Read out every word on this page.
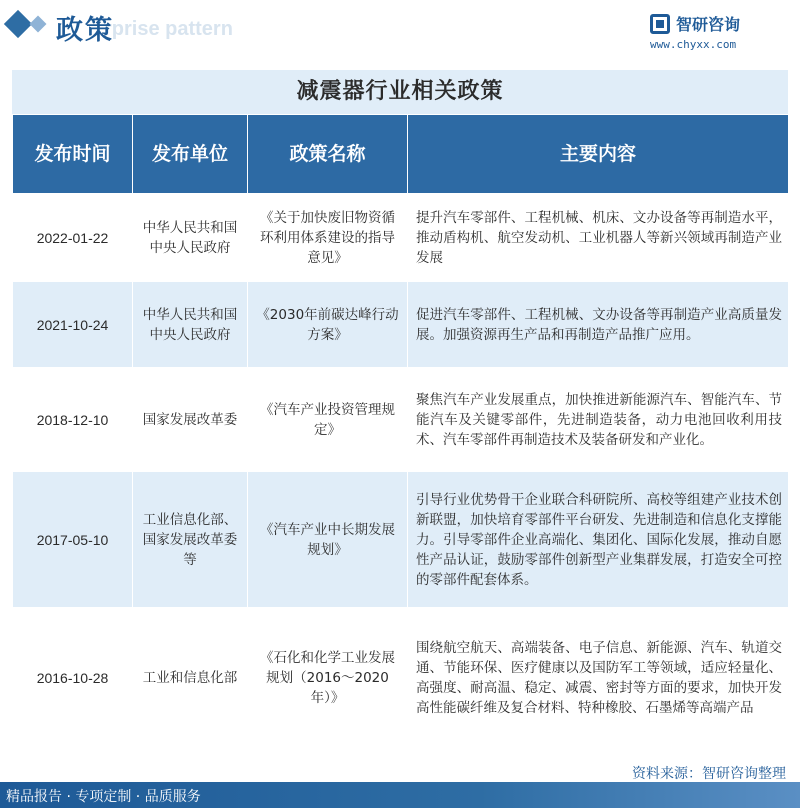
rprise pattern
政策	智研咨询
www.chyxx.com
减震器行业相关政策
发布时间	发布单位	政策名称	主要内容
2022-01-22	中华人民共和国中央人民政府	《关于加快废旧物资循环利用体系建设的指导意见》	提升汽车零部件、工程机械、机床、文办设备等再制造水平，推动盾构机、航空发动机、工业机器人等新兴领域再制造产业发展
2021-10-24	中华人民共和国中央人民政府	《2030年前碳达峰行动方案》	促进汽车零部件、工程机械、文办设备等再制造产业高质量发展。加强资源再生产品和再制造产品推广应用。
2018-12-10	国家发展改革委	《汽车产业投资管理规定》	聚焦汽车产业发展重点，加快推进新能源汽车、智能汽车、节能汽车及关键零部件，先进制造装备，动力电池回收利用技术、汽车零部件再制造技术及装备研发和产业化。
2017-05-10	工业信息化部、国家发展改革委等	《汽车产业中长期发展规划》	引导行业优势骨干企业联合科研院所、高校等组建产业技术创新联盟，加快培育零部件平台研发、先进制造和信息化支撑能力。引导零部件企业高端化、集团化、国际化发展，推动自愿性产品认证，鼓励零部件创新型产业集群发展，打造安全可控的零部件配套体系。
2016-10-28	工业和信息化部	《石化和化学工业发展规划（2016～2020年）》	围绕航空航天、高端装备、电子信息、新能源、汽车、轨道交通、节能环保、医疗健康以及国防军工等领域，适应轻量化、高强度、耐高温、稳定、减震、密封等方面的要求，加快开发高性能碳纤维及复合材料、特种橡胶、石墨烯等高端产品
资料来源：智研咨询整理
精品报告 · 专项定制 · 品质服务
